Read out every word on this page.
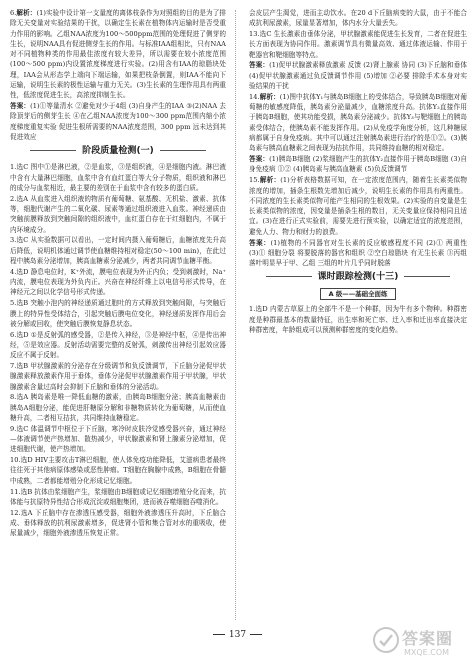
6.解析：(1)实验中设计第一支量度的离体枝条作为对照组的目的是为了排除无关变量对实验结果的干扰，以确定生长素在植物体内运输时是否受重力作用的影响。乙组NAA浓度为100～500ppm范围的处理促进了侧芽的生长，说明NAA具有促进侧芽生长的作用。与标准IAA组相比，只有NAA对不同植物种类的作用最佳浓度有较大差异，所以需要在较小浓度范围(100～500 ppm)内设置浓度梯度进行实验。(2)用含有IAA的琼脂块处理，IAA会从形态学上端向下端运输，如果把枝条倒置，则IAA不能向下运输，说明生长素的极性运输与重力无关。(3)生长素的生理作用具有两重性，低浓度促进生长，高浓度抑制生长。

答案：(1)①等量清水 ②避免对少于4组 (3)自身产生的IAA ③(2)NAA 去除顶芽后的侧芽生长 ④在乙组NAA浓度为100～300 ppm范围内缩小浓度梯度重复实验 促进生根所需要的NAA浓度范围，300 ppm 远未达到其促进效应

阶段质量检测(一)

1.选C 图中①是淋巴液，②是血浆，③是组织液，④是细胞内液。淋巴液中含有大量淋巴细胞，血浆中含有血红蛋白等大分子物质，组织液和淋巴的成分与血浆相近，最主要的差别在于血浆中含有较多的蛋白质。

2.选A 从血浆进入组织液的物质有葡萄糖、氨基酸、无机盐、激素、抗体等，细胞代谢产生的二氧化碳、尿素等通过组织液进入血浆。神经递质由突触前膜释放到突触间隙的组织液中，血红蛋白存在于红细胞内，不属于内环境成分。

3.选C 从实验数据可以看出，一定时间内摄入葡萄糖后，血糖浓度先升高后降低，说明机体通过调节使血糖维持相对稳定(50～100 min)，在此过程中胰岛素分泌增加，胰高血糖素分泌减少，两者共同调节血糖平衡。

4.选D 静息电位时，K⁺外流，膜电位表现为外正内负；受到刺激时，Na⁺内流，膜电位表现为外负内正。兴奋在神经纤维上以电信号形式传导，在神经元之间以化学信号形式传递。

5.选B 突触小泡内的神经递质通过胞吐的方式释放到突触间隙，与突触后膜上的特异性受体结合，引起突触后膜电位变化，神经递质发挥作用后会被分解或回收，使突触后膜恢复静息状态。

6.选D ①是反射弧的感受器，②是传入神经，③是神经中枢，④是传出神经，⑤是效应器。反射活动需要完整的反射弧，刺激传出神经引起效应器反应不属于反射。

7.选B 甲状腺激素的分泌存在分级调节和负反馈调节，下丘脑分泌促甲状腺激素释放激素作用于垂体，垂体分泌促甲状腺激素作用于甲状腺，甲状腺激素含量过高时会抑制下丘脑和垂体的分泌活动。

8.选A 胰岛素是唯一降低血糖的激素，由胰岛B细胞分泌；胰高血糖素由胰岛A细胞分泌，能促进肝糖原分解和非糖物质转化为葡萄糖，从而使血糖升高，二者相互拮抗，共同维持血糖稳定。

9.选C 体温调节中枢位于下丘脑，寒冷时皮肤冷觉感受器兴奋，通过神经—体液调节使产热增加、散热减少，甲状腺激素和肾上腺素分泌增加，促进细胞代谢，使产热增加。

10.选D HIV主要攻击T淋巴细胞，使人体免疫功能降低，艾滋病患者最终往往死于其他病原体感染或恶性肿瘤。T细胞在胸腺中成熟，B细胞在骨髓中成熟，二者都能增殖分化形成记忆细胞。

11.选B 抗体由浆细胞产生，浆细胞由B细胞或记忆细胞增殖分化而来，抗体能与抗原特异性结合形成沉淀或细胞集团，进而被吞噬细胞吞噬消化。

12.选A 下丘脑中存在渗透压感受器，细胞外液渗透压升高时，下丘脑合成、垂体释放的抗利尿激素增多，促进肾小管和集合管对水的重吸收，使尿量减少，细胞外液渗透压恢复正常。

会皮层产生渴觉，进而主动饮水。在20 d下丘脑病变的大鼠，由于不能合成抗利尿激素，尿量显著增加，体内水分大量丢失。

13.选C 生长激素由垂体分泌，甲状腺激素能促进生长发育，二者在促进生长方面表现为协同作用。激素调节具有微量高效、通过体液运输、作用于靶器官和靶细胞等特点。

答案：(1)促甲状腺激素释放激素 反馈 (2)肾上腺素 协同 (3)下丘脑和垂体 (4)促甲状腺激素通过负反馈调节作用 (5)增加 ②必要 排除手术本身对实验结果的干扰

14.解析：(1)图中抗体Y₁与胰岛B细胞上的受体结合，导致胰岛B细胞对葡萄糖的敏感度降低，胰岛素分泌量减少，血糖浓度升高。抗体Y₂直接作用于胰岛B细胞，使其功能受损，胰岛素分泌减少。抗体Y₃与靶细胞上的胰岛素受体结合，使胰岛素不能发挥作用。(2)从免疫学角度分析，这几种糖尿病都属于自身免疫病。其中可以通过注射胰岛素进行治疗的是①②。(3)胰岛素与胰高血糖素之间表现为拮抗作用，共同维持血糖的相对稳定。

答案：(1)胰岛B细胞 (2)浆细胞产生的抗体Y₂直接作用于胰岛B细胞 (3)自身免疫病 ①② (4)胰岛素与胰高血糖素 (5)负反馈调节

15.解析：(1)分析表格数据可知，在一定浓度范围内，随着生长素类似物浓度的增加，插条生根数先增加后减少，说明生长素的作用具有两重性。不同浓度的生长素类似物可能产生相同的生根效果。(2)实验的自变量是生长素类似物的浓度，因变量是插条生根的数目，无关变量应保持相同且适宜。(3)在进行正式实验前，需要先进行预实验，以确定适宜的浓度范围，避免人力、物力和财力的浪费。

答案：(1)植物的不同器官对生长素的反应敏感程度不同 (2)① 两重性 (3)① 细胞分裂 将要脱落的器官和组织 ②空白琼脂块 有无生长素 ③丙组落叶明显早于甲、乙组 三组的叶片几乎同时脱落

课时跟踪检测(十三)
A 级——基础全面练

1.选D 内蒙古草原上的全部牛不是一个种群，因为牛有多个物种。种群密度是种群最基本的数量特征，出生率和死亡率、迁入率和迁出率直接决定种群密度，年龄组成可以预测种群密度的变化趋势。

137	答案圈
MXQE.COM
